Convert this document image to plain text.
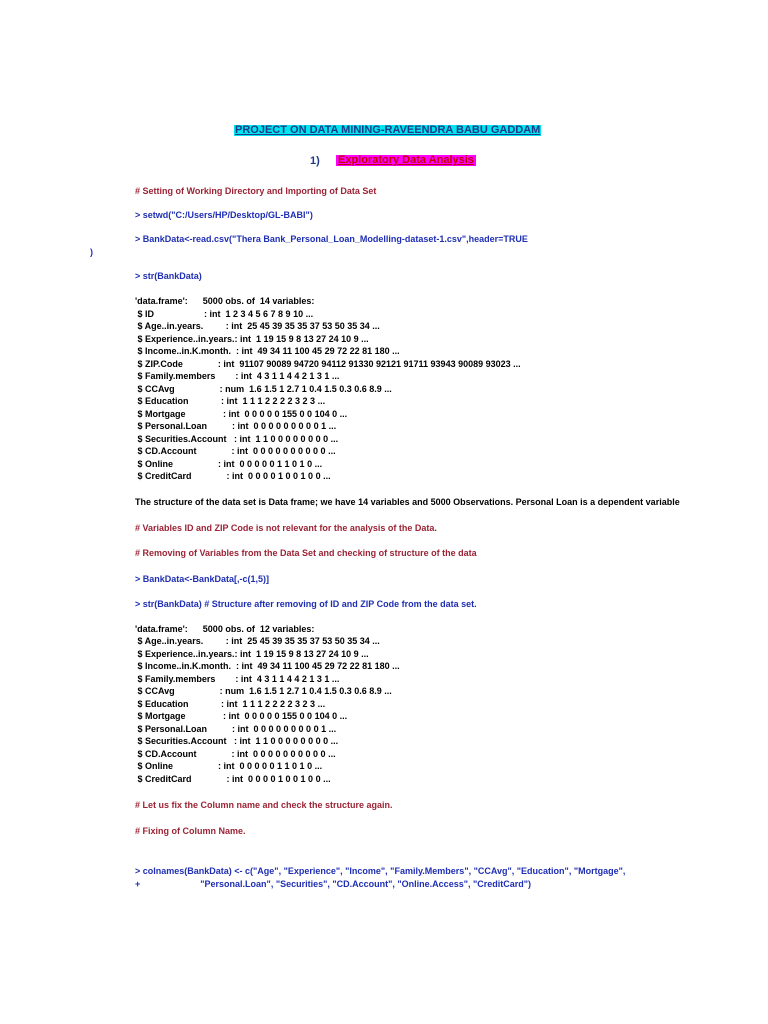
PROJECT ON DATA MINING-RAVEENDRA BABU GADDAM
1) Exploratory Data Analysis
# Setting of Working Directory and Importing of Data Set
> setwd("C:/Users/HP/Desktop/GL-BABI")
> BankData<-read.csv("Thera Bank_Personal_Loan_Modelling-dataset-1.csv",header=TRUE
)
> str(BankData)
'data.frame':      5000 obs. of  14 variables:
$ ID                    : int  1 2 3 4 5 6 7 8 9 10 ...
$ Age..in.years.         : int  25 45 39 35 35 37 53 50 35 34 ...
$ Experience..in.years.: int  1 19 15 9 8 13 27 24 10 9 ...
$ Income..in.K.month.  : int  49 34 11 100 45 29 72 22 81 180 ...
$ ZIP.Code              : int  91107 90089 94720 94112 91330 92121 91711 93943 90089 93023 ...
$ Family.members        : int  4 3 1 1 4 4 2 1 3 1 ...
$ CCAvg                  : num  1.6 1.5 1 2.7 1 0.4 1.5 0.3 0.6 8.9 ...
$ Education             : int  1 1 1 2 2 2 2 3 2 3 ...
$ Mortgage               : int  0 0 0 0 0 155 0 0 104 0 ...
$ Personal.Loan          : int  0 0 0 0 0 0 0 0 0 1 ...
$ Securities.Account   : int  1 1 0 0 0 0 0 0 0 0 ...
$ CD.Account              : int  0 0 0 0 0 0 0 0 0 0 ...
$ Online                  : int  0 0 0 0 0 1 1 0 1 0 ...
$ CreditCard              : int  0 0 0 0 1 0 0 1 0 0 ...
The structure of the data set is Data frame; we have 14 variables and 5000 Observations. Personal Loan is a dependent variable
# Variables ID and ZIP Code is not relevant for the analysis of the Data.
# Removing of Variables from the Data Set and checking of structure of the data
> BankData<-BankData[,-c(1,5)]
> str(BankData) # Structure after removing of ID and ZIP Code from the data set.
'data.frame':      5000 obs. of  12 variables:
$ Age..in.years.         : int  25 45 39 35 35 37 53 50 35 34 ...
$ Experience..in.years.: int  1 19 15 9 8 13 27 24 10 9 ...
$ Income..in.K.month.  : int  49 34 11 100 45 29 72 22 81 180 ...
$ Family.members        : int  4 3 1 1 4 4 2 1 3 1 ...
$ CCAvg                  : num  1.6 1.5 1 2.7 1 0.4 1.5 0.3 0.6 8.9 ...
$ Education             : int  1 1 1 2 2 2 2 3 2 3 ...
$ Mortgage               : int  0 0 0 0 0 155 0 0 104 0 ...
$ Personal.Loan          : int  0 0 0 0 0 0 0 0 0 1 ...
$ Securities.Account   : int  1 1 0 0 0 0 0 0 0 0 ...
$ CD.Account              : int  0 0 0 0 0 0 0 0 0 0 ...
$ Online                  : int  0 0 0 0 0 1 1 0 1 0 ...
$ CreditCard              : int  0 0 0 0 1 0 0 1 0 0 ...
# Let us fix the Column name and check the structure again.
# Fixing of Column Name.
> colnames(BankData) <- c("Age", "Experience", "Income", "Family.Members", "CCAvg", "Education", "Mortgage",
+                        "Personal.Loan", "Securities", "CD.Account", "Online.Access", "CreditCard")
